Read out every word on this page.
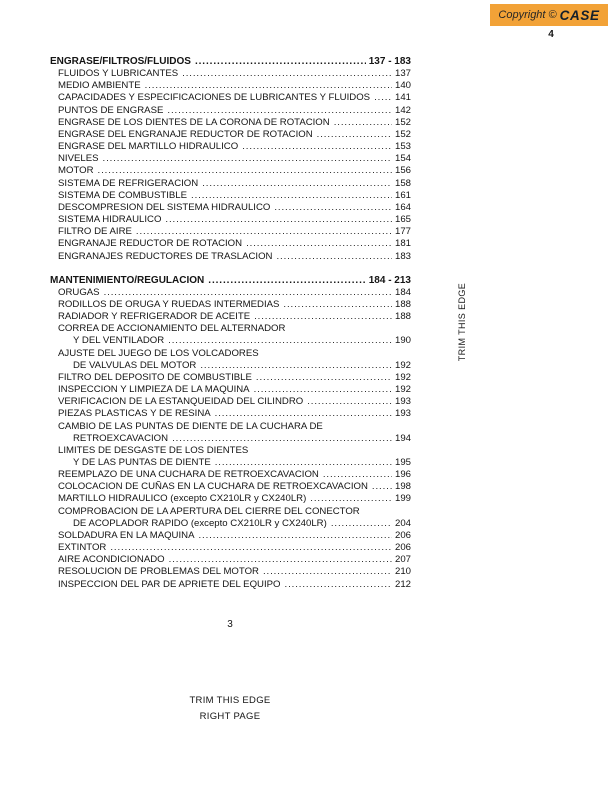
Copyright © CASE
4
ENGRASE/FILTROS/FLUIDOS .....	137 - 183
FLUIDOS Y LUBRICANTES .....	137
MEDIO AMBIENTE .....	140
CAPACIDADES Y ESPECIFICACIONES DE LUBRICANTES Y FLUIDOS .....	141
PUNTOS DE ENGRASE .....	142
ENGRASE DE LOS DIENTES DE LA CORONA DE ROTACION .....	152
ENGRASE DEL ENGRANAJE REDUCTOR DE ROTACION .....	152
ENGRASE DEL MARTILLO HIDRAULICO .....	153
NIVELES .....	154
MOTOR .....	156
SISTEMA DE REFRIGERACION .....	158
SISTEMA DE COMBUSTIBLE .....	161
DESCOMPRESION DEL SISTEMA HIDRAULICO .....	164
SISTEMA HIDRAULICO .....	165
FILTRO DE AIRE .....	177
ENGRANAJE REDUCTOR DE ROTACION .....	181
ENGRANAJES REDUCTORES DE TRASLACION .....	183
MANTENIMIENTO/REGULACION .....	184 - 213
ORUGAS .....	184
RODILLOS DE ORUGA Y RUEDAS INTERMEDIAS .....	188
RADIADOR Y REFRIGERADOR DE ACEITE .....	188
CORREA DE ACCIONAMIENTO DEL ALTERNADOR
Y DEL VENTILADOR .....	190
AJUSTE DEL JUEGO DE LOS VOLCADORES
DE VALVULAS DEL MOTOR .....	192
FILTRO DEL DEPOSITO DE COMBUSTIBLE .....	192
INSPECCION Y LIMPIEZA DE LA MAQUINA .....	192
VERIFICACION DE LA ESTANQUEIDAD DEL CILINDRO .....	193
PIEZAS PLASTICAS Y DE RESINA .....	193
CAMBIO DE LAS PUNTAS DE DIENTE DE LA CUCHARA DE
RETROEXCAVACION .....	194
LIMITES DE DESGASTE DE LOS DIENTES
Y DE LAS PUNTAS DE DIENTE .....	195
REEMPLAZO DE UNA CUCHARA DE RETROEXCAVACION .....	196
COLOCACION DE CUÑAS EN LA CUCHARA DE RETROEXCAVACION .....	198
MARTILLO HIDRAULICO (excepto CX210LR y CX240LR) .....	199
COMPROBACION DE LA APERTURA DEL CIERRE DEL CONECTOR
DE ACOPLADOR RAPIDO (excepto CX210LR y CX240LR) .....	204
SOLDADURA EN LA MAQUINA .....	206
EXTINTOR .....	206
AIRE ACONDICIONADO .....	207
RESOLUCION DE PROBLEMAS DEL MOTOR .....	210
INSPECCION DEL PAR DE APRIETE DEL EQUIPO .....	212
TRIM THIS EDGE
3
TRIM THIS EDGE
RIGHT PAGE
